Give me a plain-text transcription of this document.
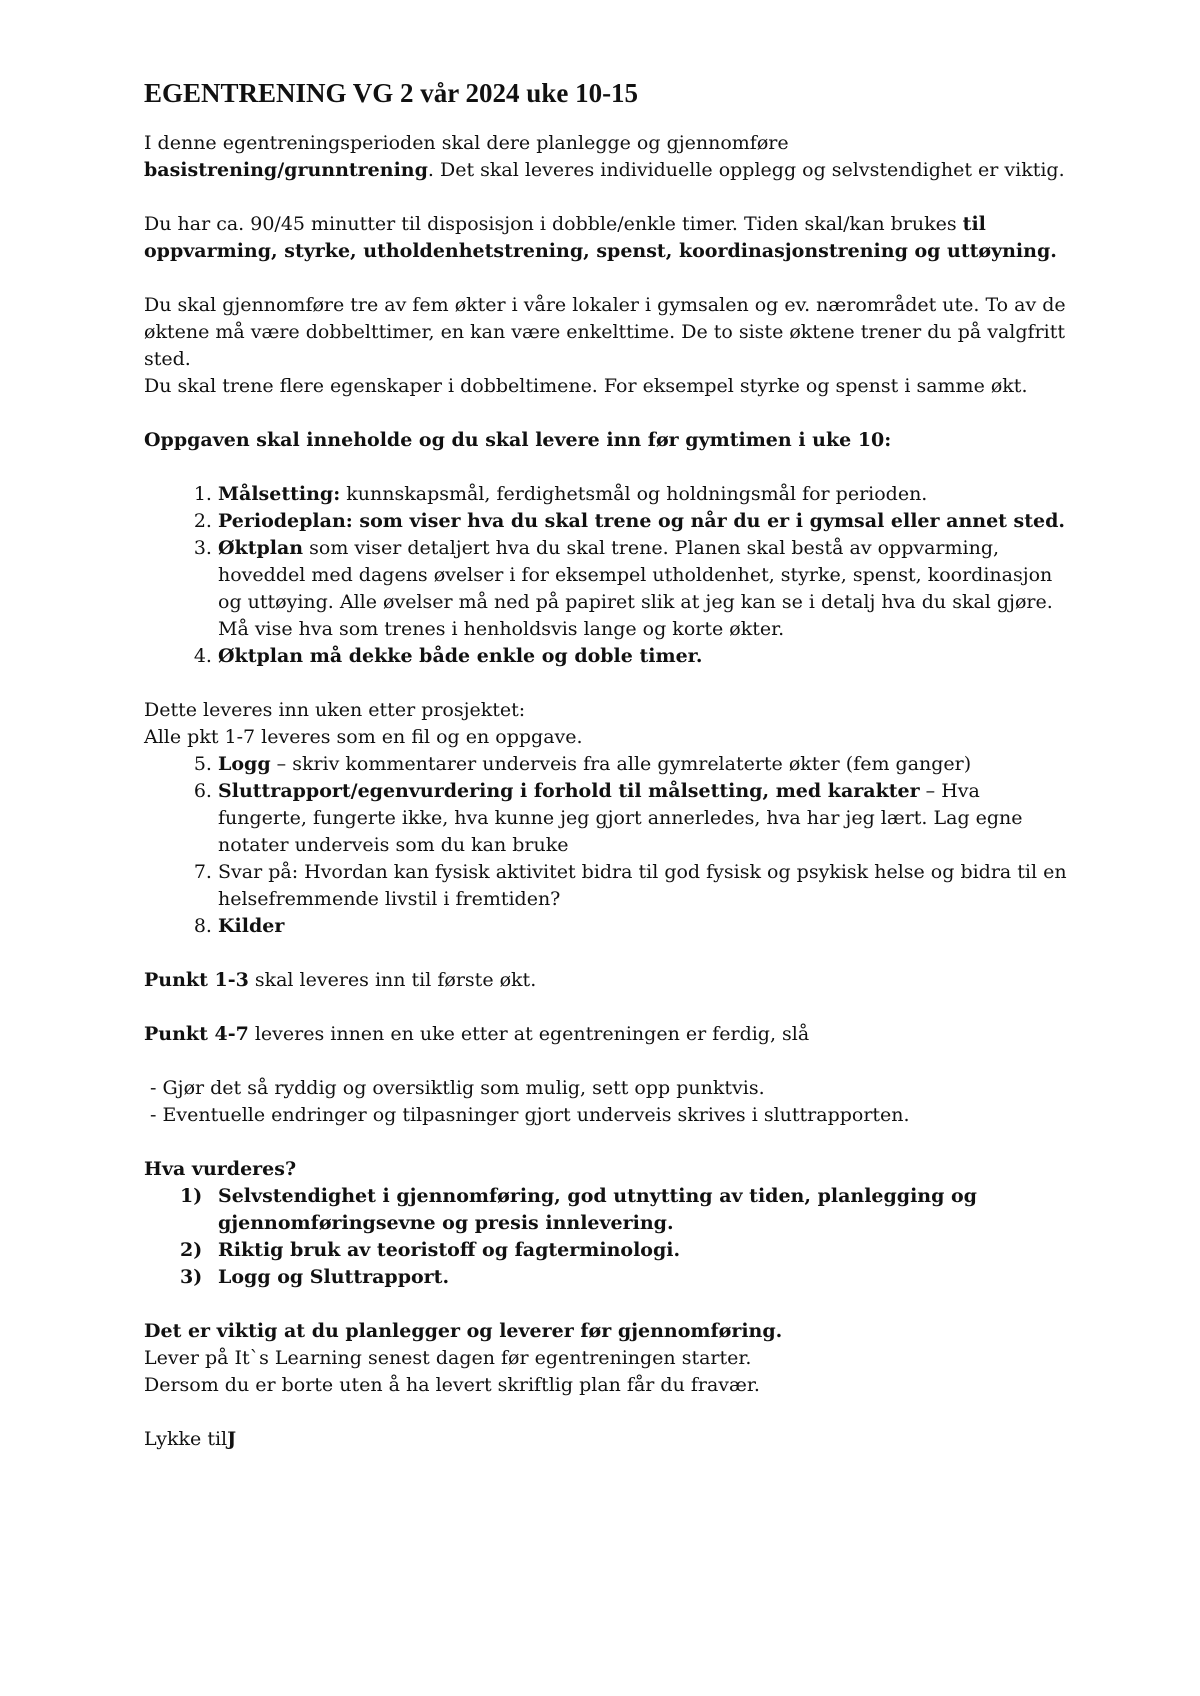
EGENTRENING VG 2 vår 2024 uke 10-15

I denne egentreningsperioden skal dere planlegge og gjennomføre basistrening/grunntrening. Det skal leveres individuelle opplegg og selvstendighet er viktig.

Du har ca. 90/45 minutter til disposisjon i dobble/enkle timer. Tiden skal/kan brukes til oppvarming, styrke, utholdenhetstrening, spenst, koordinasjonstrening og uttøyning.

Du skal gjennomføre tre av fem økter i våre lokaler i gymsalen og ev. nærområdet ute. To av de øktene må være dobbelttimer, en kan være enkelttime. De to siste øktene trener du på valgfritt sted.
Du skal trene flere egenskaper i dobbeltimene. For eksempel styrke og spenst i samme økt.

Oppgaven skal inneholde og du skal levere inn før gymtimen i uke 10:

1. Målsetting: kunnskapsmål, ferdighetsmål og holdningsmål for perioden.
2. Periodeplan: som viser hva du skal trene og når du er i gymsal eller annet sted.
3. Øktplan som viser detaljert hva du skal trene. Planen skal bestå av oppvarming, hoveddel med dagens øvelser i for eksempel utholdenhet, styrke, spenst, koordinasjon og uttøying. Alle øvelser må ned på papiret slik at jeg kan se i detalj hva du skal gjøre. Må vise hva som trenes i henholdsvis lange og korte økter.
4. Øktplan må dekke både enkle og doble timer.

Dette leveres inn uken etter prosjektet:

Alle pkt 1-7 leveres som en fil og en oppgave.

5. Logg – skriv kommentarer underveis fra alle gymrelaterte økter (fem ganger)
6. Sluttrapport/egenvurdering i forhold til målsetting, med karakter – Hva fungerte, fungerte ikke, hva kunne jeg gjort annerledes, hva har jeg lært. Lag egne notater underveis som du kan bruke
7. Svar på: Hvordan kan fysisk aktivitet bidra til god fysisk og psykisk helse og bidra til en helsefremmende livstil i fremtiden?
8. Kilder

Punkt 1-3 skal leveres inn til første økt.

Punkt 4-7 leveres innen en uke etter at egentreningen er ferdig, slå

- Gjør det så ryddig og oversiktlig som mulig, sett opp punktvis.

- Eventuelle endringer og tilpasninger gjort underveis skrives i sluttrapporten.

Hva vurderes?

1) Selvstendighet i gjennomføring, god utnytting av tiden, planlegging og gjennomføringsevne og presis innlevering.
2) Riktig bruk av teoristoff og fagterminologi.
3) Logg og Sluttrapport.

Det er viktig at du planlegger og leverer før gjennomføring.

Lever på It`s Learning senest dagen før egentreningen starter.

Dersom du er borte uten å ha levert skriftlig plan får du fravær.

Lykke tilJ
